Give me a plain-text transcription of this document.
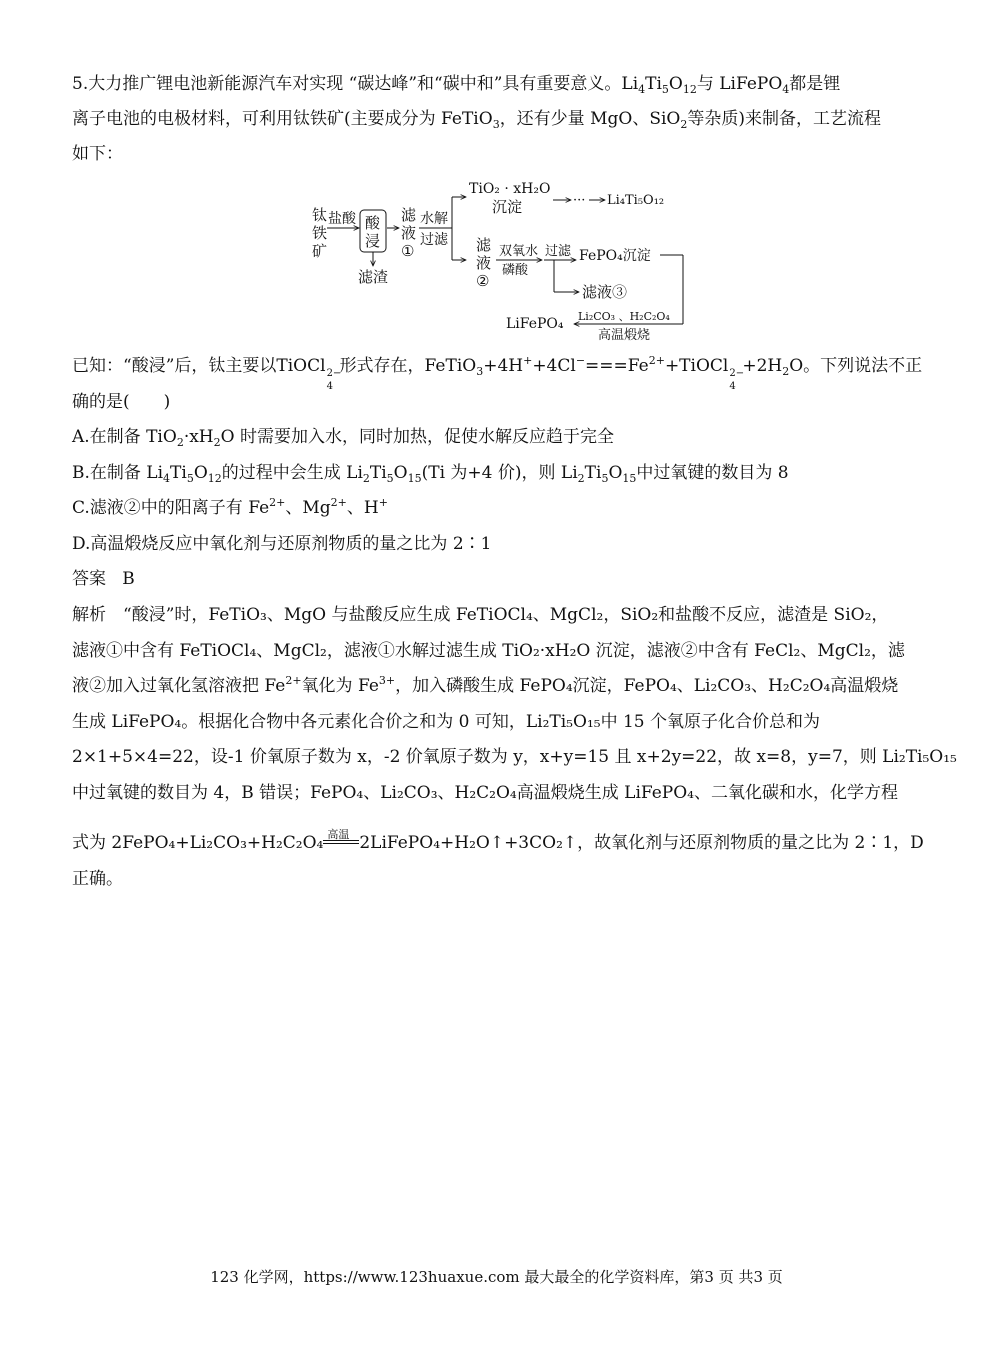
5.大力推广锂电池新能源汽车对实现 “碳达峰”和“碳中和”具有重要意义。$Li_4Ti_5O_{12}$与 LiFePO$_4$都是锂
离子电池的电极材料，可利用钛铁矿(主要成分为 FeTiO$_3$，还有少量 MgO、SiO$_2$等杂质)来制备，工艺流程
如下：
钛
铁
矿
盐酸 酸
浸
滤渣
滤
液
①
水解
过滤
TiO₂ · xH₂O
沉淀	··· Li₄Ti₅O₁₂
滤
液
②
双氧水
磷酸
过滤 FePO₄沉淀
滤液③
Li₂CO₃ 、H₂C₂O₄
高温煅烧
LiFePO₄
已知：“酸浸”后，钛主要以TiOCl 2−
4
形式存在，$FeTiO_3+4H^++4Cl^-===Fe^{2+}+TiOCl$ 2−
4
$+2H_2O$。下列说法不正
确的是(　　)
A.在制备 $TiO_2\cdot xH_2O$ 时需要加入水，同时加热，促使水解反应趋于完全
B.在制备 $Li_4Ti_5O_{12}$的过程中会生成 $Li_2Ti_5O_{15}(Ti$ 为+4 价)，则 $Li_2Ti_5O_{15}$中过氧键的数目为 8
C.滤液②中的阳离子有 $Fe^{2+}$、$Mg^{2+}$、H+
D.高温煅烧反应中氧化剂与还原剂物质的量之比为 2∶1
答案 B
解析　“酸浸”时，FeTiO₃、MgO 与盐酸反应生成 FeTiOCl₄、MgCl₂，SiO₂和盐酸不反应，滤渣是 SiO₂，
滤液①中含有 FeTiOCl₄、MgCl₂，滤液①水解过滤生成 TiO₂·xH₂O 沉淀，滤液②中含有 FeCl₂、MgCl₂，滤
液②加入过氧化氢溶液把 $Fe^{2+}$氧化为 $Fe^{3+}$，加入磷酸生成 FePO₄沉淀，FePO₄、Li₂CO₃、H₂C₂O₄高温煅烧
生成 LiFePO₄。根据化合物中各元素化合价之和为 0 可知，Li₂Ti₅O₁₅中 15 个氧原子化合价总和为
2×1+5×4=22，设-1 价氧原子数为 x，-2 价氧原子数为 y，x+y=15 且 x+2y=22，故 x=8，y=7，则 Li₂Ti₅O₁₅
中过氧键的数目为 4，B 错误；FePO₄、Li₂CO₃、H₂C₂O₄高温煅烧生成 LiFePO₄、二氧化碳和水，化学方程
式为 2FePO₄+Li₂CO₃+H₂C₂O₄ 高温 2LiFePO₄+H₂O↑+3CO₂↑，故氧化剂与还原剂物质的量之比为 2∶1，D
正确。
123 化学网，https://www.123huaxue.com 最大最全的化学资料库，第3 页 共3 页
